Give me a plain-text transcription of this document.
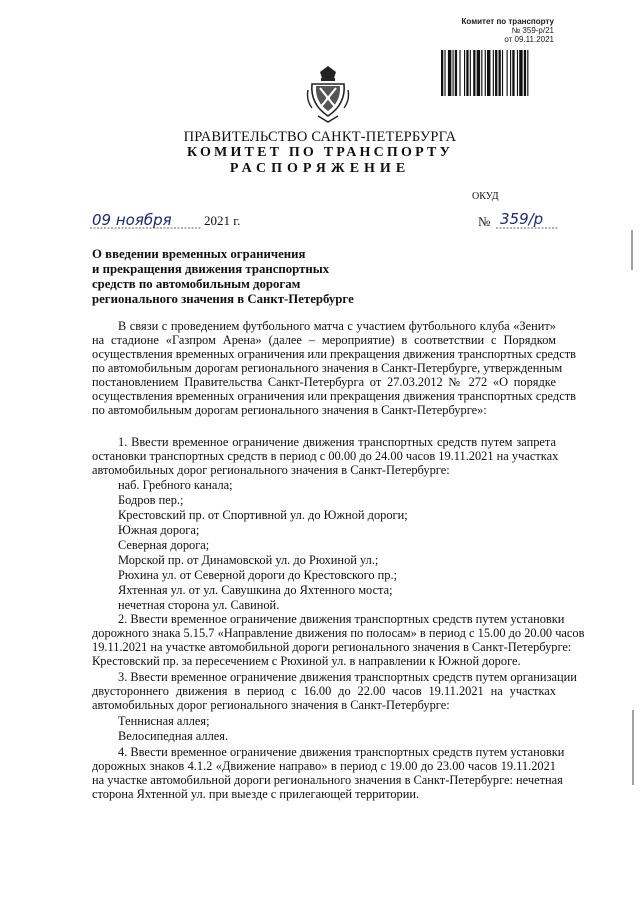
Комитет по транспорту
№ 359-р/21
от 09.11.2021
ПРАВИТЕЛЬСТВО САНКТ-ПЕТЕРБУРГА
КОМИТЕТ ПО ТРАНСПОРТУ
РАСПОРЯЖЕНИЕ
ОКУД
09 ноября 2021 г.	№ 359/р
О введении временных ограничения
и прекращения движения транспортных
средств по автомобильным дорогам
регионального значения в Санкт-Петербурге
В связи с проведением футбольного матча с участием футбольного клуба «Зенит»
на стадионе «Газпром Арена» (далее – мероприятие) в соответствии с Порядком
осуществления временных ограничения или прекращения движения транспортных средств
по автомобильным дорогам регионального значения в Санкт-Петербурге, утвержденным
постановлением Правительства Санкт-Петербурга от 27.03.2012 № 272 «О порядке
осуществления временных ограничения или прекращения движения транспортных средств
по автомобильным дорогам регионального значения в Санкт-Петербурге»:
1. Ввести временное ограничение движения транспортных средств путем запрета
остановки транспортных средств в период с 00.00 до 24.00 часов 19.11.2021 на участках
автомобильных дорог регионального значения в Санкт-Петербурге:
наб. Гребного канала;
Бодров пер.;
Крестовский пр. от Спортивной ул. до Южной дороги;
Южная дорога;
Северная дорога;
Морской пр. от Динамовской ул. до Рюхиной ул.;
Рюхина ул. от Северной дороги до Крестовского пр.;
Яхтенная ул. от ул. Савушкина до Яхтенного моста;
нечетная сторона ул. Савиной.
2. Ввести временное ограничение движения транспортных средств путем установки
дорожного знака 5.15.7 «Направление движения по полосам» в период с 15.00 до 20.00 часов
19.11.2021 на участке автомобильной дороги регионального значения в Санкт-Петербурге:
Крестовский пр. за пересечением с Рюхиной ул. в направлении к Южной дороге.
3. Ввести временное ограничение движения транспортных средств путем организации
двустороннего движения в период с 16.00 до 22.00 часов 19.11.2021 на участках
автомобильных дорог регионального значения в Санкт-Петербурге:
Теннисная аллея;
Велосипедная аллея.
4. Ввести временное ограничение движения транспортных средств путем установки
дорожных знаков 4.1.2 «Движение направо» в период с 19.00 до 23.00 часов 19.11.2021
на участке автомобильной дороги регионального значения в Санкт-Петербурге: нечетная
сторона Яхтенной ул. при выезде с прилегающей территории.
